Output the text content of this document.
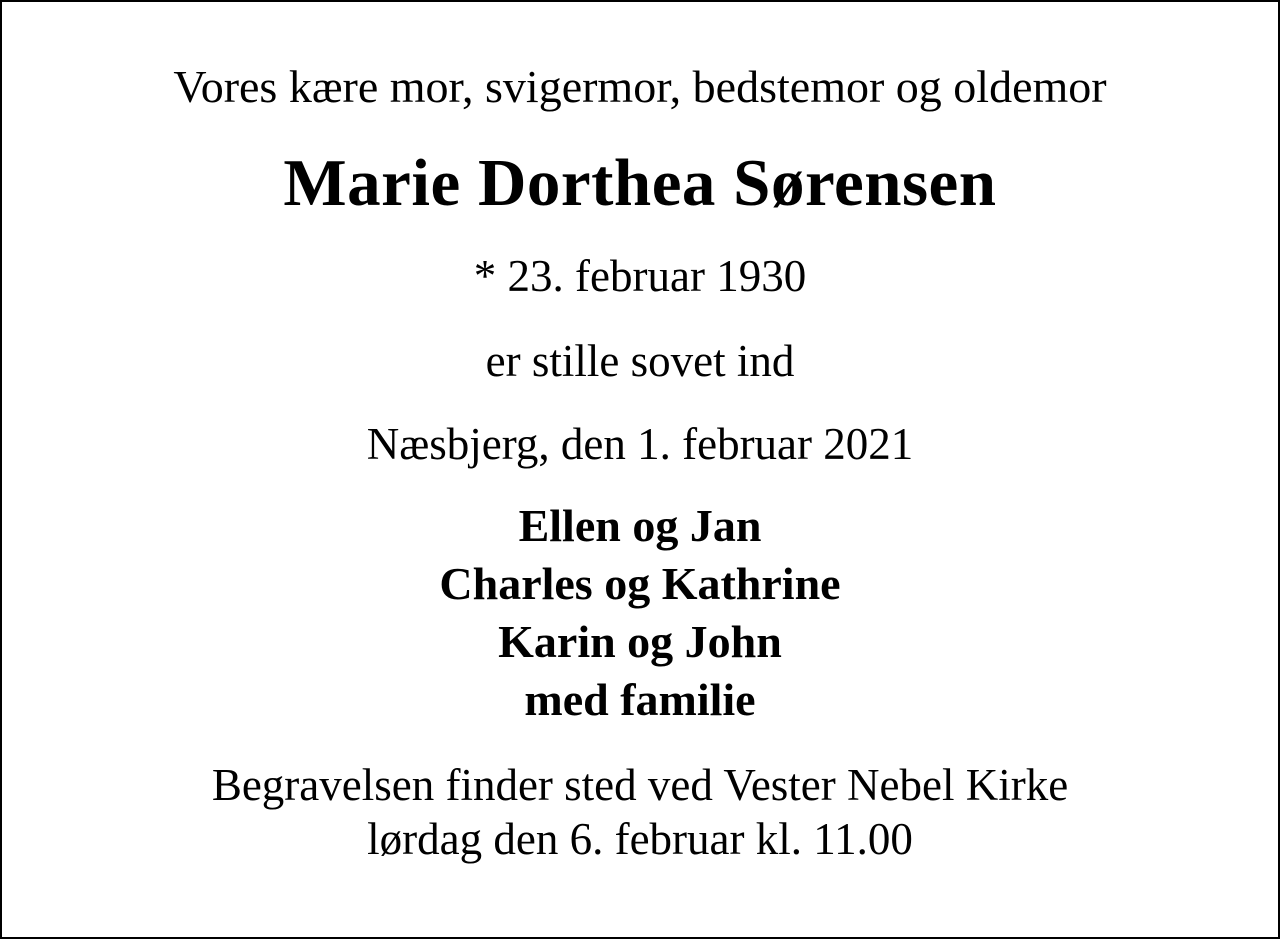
Vores kære mor, svigermor, bedstemor og oldemor

Marie Dorthea Sørensen

* 23. februar 1930

er stille sovet ind

Næsbjerg, den 1. februar 2021

Ellen og Jan
Charles og Kathrine
Karin og John
med familie
Begravelsen finder sted ved Vester Nebel Kirke
lørdag den 6. februar kl. 11.00
